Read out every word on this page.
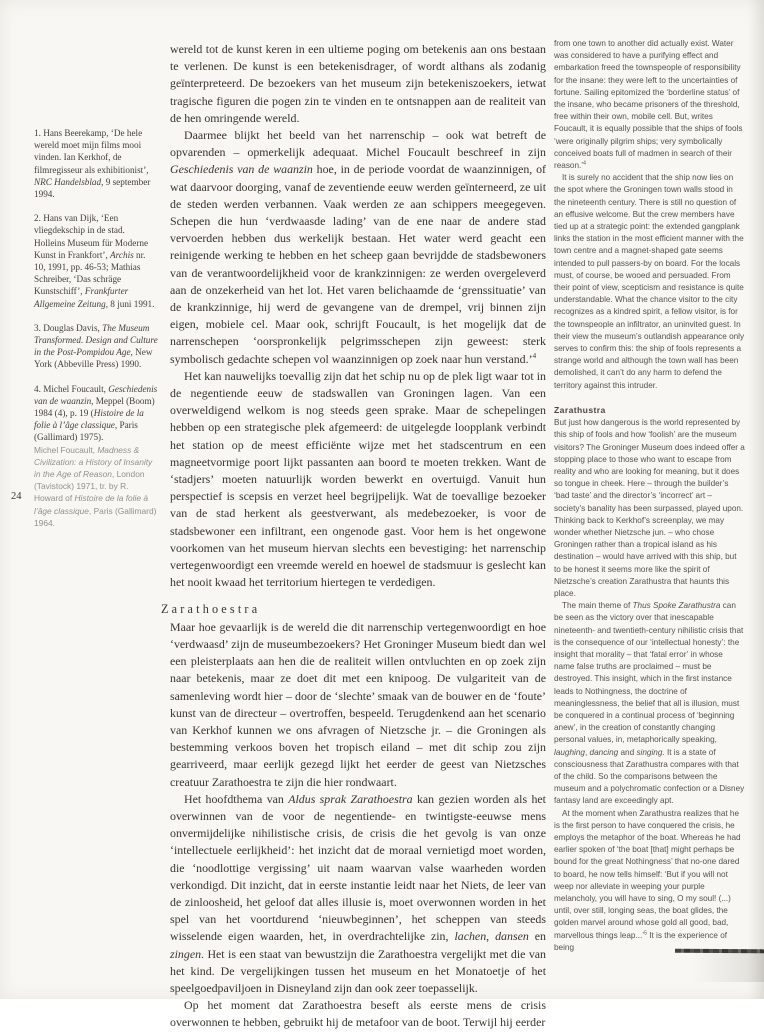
1. Hans Beerekamp, ‘De hele wereld moet mijn films mooi vinden. Ian Kerkhof, de filmregisseur als exhibitionist’, NRC Handelsblad, 9 september 1994.

2. Hans van Dijk, ‘Een vliegdekschip in de stad. Holleins Museum für Moderne Kunst in Frankfort’, Archis nr. 10, 1991, pp. 46-53; Mathias Schreiber, ‘Das schräge Kunstschiff’, Frankfurter Allgemeine Zeitung, 8 juni 1991.

3. Douglas Davis, The Museum Transformed. Design and Culture in the Post-Pompidou Age, New York (Abbeville Press) 1990.

4. Michel Foucault, Geschiedenis van de waanzin, Meppel (Boom) 1984 (4), p. 19 (Histoire de la folie à l’âge classique, Paris (Gallimard) 1975).

Michel Foucault, Madness & Civilization: a History of Insanity in the Age of Reason, London (Tavistock) 1971, tr. by R. Howard of Histoire de la folie à l’âge classique, Paris (Gallimard) 1964.

24

wereld tot de kunst keren in een ultieme poging om betekenis aan ons bestaan te verlenen. De kunst is een betekenisdrager, of wordt althans als zodanig geïnterpreteerd. De bezoekers van het museum zijn betekeniszoekers, ietwat tragische figuren die pogen zin te vinden en te ontsnappen aan de realiteit van de hen omringende wereld.

Daarmee blijkt het beeld van het narrenschip – ook wat betreft de opvarenden – opmerkelijk adequaat. Michel Foucault beschreef in zijn Geschiedenis van de waanzin hoe, in de periode voordat de waanzinnigen, of wat daarvoor doorging, vanaf de zeventiende eeuw werden geïnterneerd, ze uit de steden werden verbannen. Vaak werden ze aan schippers meegegeven. Schepen die hun ‘verdwaasde lading’ van de ene naar de andere stad vervoerden hebben dus werkelijk bestaan. Het water werd geacht een reinigende werking te hebben en het scheep gaan bevrijdde de stadsbewoners van de verantwoordelijkheid voor de krankzinnigen: ze werden overgeleverd aan de onzekerheid van het lot. Het varen belichaamde de ‘grenssituatie’ van de krankzinnige, hij werd de gevangene van de drempel, vrij binnen zijn eigen, mobiele cel. Maar ook, schrijft Foucault, is het mogelijk dat de narrenschepen ‘oorspronkelijk pelgrimsschepen zijn geweest: sterk symbolisch gedachte schepen vol waanzinnigen op zoek naar hun verstand.’$^4$

Het kan nauwelijks toevallig zijn dat het schip nu op de plek ligt waar tot in de negentiende eeuw de stadswallen van Groningen lagen. Van een overweldigend welkom is nog steeds geen sprake. Maar de schepelingen hebben op een strategische plek afgemeerd: de uitgelegde loopplank verbindt het station op de meest efficiënte wijze met het stadscentrum en een magneetvormige poort lijkt passanten aan boord te moeten trekken. Want de ‘stadjers’ moeten natuurlijk worden bewerkt en overtuigd. Vanuit hun perspectief is scepsis en verzet heel begrijpelijk. Wat de toevallige bezoeker van de stad herkent als geestverwant, als medebezoeker, is voor de stadsbewoner een infiltrant, een ongenode gast. Voor hem is het ongewone voorkomen van het museum hiervan slechts een bevestiging: het narrenschip vertegenwoordigt een vreemde wereld en hoewel de stadsmuur is geslecht kan het nooit kwaad het territorium hiertegen te verdedigen.

Zarathoestra

Maar hoe gevaarlijk is de wereld die dit narrenschip vertegenwoordigt en hoe ‘verdwaasd’ zijn de museumbezoekers? Het Groninger Museum biedt dan wel een pleisterplaats aan hen die de realiteit willen ontvluchten en op zoek zijn naar betekenis, maar ze doet dit met een knipoog. De vulgariteit van de samenleving wordt hier – door de ‘slechte’ smaak van de bouwer en de ‘foute’ kunst van de directeur – overtroffen, bespeeld. Terugdenkend aan het scenario van Kerkhof kunnen we ons afvragen of Nietzsche jr. – die Groningen als bestemming verkoos boven het tropisch eiland – met dit schip zou zijn gearriveerd, maar eerlijk gezegd lijkt het eerder de geest van Nietzsches creatuur Zarathoestra te zijn die hier rondwaart.

Het hoofdthema van Aldus sprak Zarathoestra kan gezien worden als het overwinnen van de voor de negentiende- en twintigste-eeuwse mens onvermijdelijke nihilistische crisis, de crisis die het gevolg is van onze ‘intellectuele eerlijkheid’: het inzicht dat de moraal vernietigd moet worden, die ‘noodlottige vergissing’ uit naam waarvan valse waarheden worden verkondigd. Dit inzicht, dat in eerste instantie leidt naar het Niets, de leer van de zinloosheid, het geloof dat alles illusie is, moet overwonnen worden in het spel van het voortdurend ‘nieuwbeginnen’, het scheppen van steeds wisselende eigen waarden, het, in overdrachtelijke zin, lachen, dansen en zingen. Het is een staat van bewustzijn die Zarathoestra vergelijkt met die van het kind. De vergelijkingen tussen het museum en het Monatoetje of het speelgoedpaviljoen in Disneyland zijn dan ook zeer toepasselijk.

Op het moment dat Zarathoestra beseft als eerste mens de crisis overwonnen te hebben, gebruikt hij de metafoor van de boot. Terwijl hij eerder

from one town to another did actually exist. Water was considered to have a purifying effect and embarkation freed the townspeople of responsibility for the insane: they were left to the uncertainties of fortune. Sailing epitomized the ‘borderline status’ of the insane, who became prisoners of the threshold, free within their own, mobile cell. But, writes Foucault, it is equally possible that the ships of fools ‘were originally pilgrim ships; very symbolically conceived boats full of madmen in search of their reason.’$^4$

It is surely no accident that the ship now lies on the spot where the Groningen town walls stood in the nineteenth century. There is still no question of an effusive welcome. But the crew members have tied up at a strategic point: the extended gangplank links the station in the most efficient manner with the town centre and a magnet-shaped gate seems intended to pull passers-by on board. For the locals must, of course, be wooed and persuaded. From their point of view, scepticism and resistance is quite understandable. What the chance visitor to the city recognizes as a kindred spirit, a fellow visitor, is for the townspeople an infiltrator, an uninvited guest. In their view the museum’s outlandish appearance only serves to confirm this: the ship of fools represents a strange world and although the town wall has been demolished, it can’t do any harm to defend the territory against this intruder.

Zarathustra

But just how dangerous is the world represented by this ship of fools and how ‘foolish’ are the museum visitors? The Groninger Museum does indeed offer a stopping place to those who want to escape from reality and who are looking for meaning, but it does so tongue in cheek. Here – through the builder’s ‘bad taste’ and the director’s ‘incorrect’ art – society’s banality has been surpassed, played upon. Thinking back to Kerkhof’s screenplay, we may wonder whether Nietzsche jun. – who chose Groningen rather than a tropical island as his destination – would have arrived with this ship, but to be honest it seems more like the spirit of Nietzsche’s creation Zarathustra that haunts this place.

The main theme of Thus Spoke Zarathustra can be seen as the victory over that inescapable nineteenth- and twentieth-century nihilistic crisis that is the consequence of our ‘intellectual honesty’: the insight that morality – that ‘fatal error’ in whose name false truths are proclaimed – must be destroyed. This insight, which in the first instance leads to Nothingness, the doctrine of meaninglessness, the belief that all is illusion, must be conquered in a continual process of ‘beginning anew’, in the creation of constantly changing personal values, in, metaphorically speaking, laughing, dancing and singing. It is a state of consciousness that Zarathustra compares with that of the child. So the comparisons between the museum and a polychromatic confection or a Disney fantasy land are exceedingly apt.

At the moment when Zarathustra realizes that he is the first person to have conquered the crisis, he employs the metaphor of the boat. Whereas he had earlier spoken of ‘the boat [that] might perhaps be bound for the great Nothingness’ that no-one dared to board, he now tells himself: ‘But if you will not weep nor alleviate in weeping your purple melancholy, you will have to sing, O my soul! (...) until, over still, longing seas, the boat glides, the golden marvel around whose gold all good, bad, marvellous things leap...’$^5$ It is the experience of being
